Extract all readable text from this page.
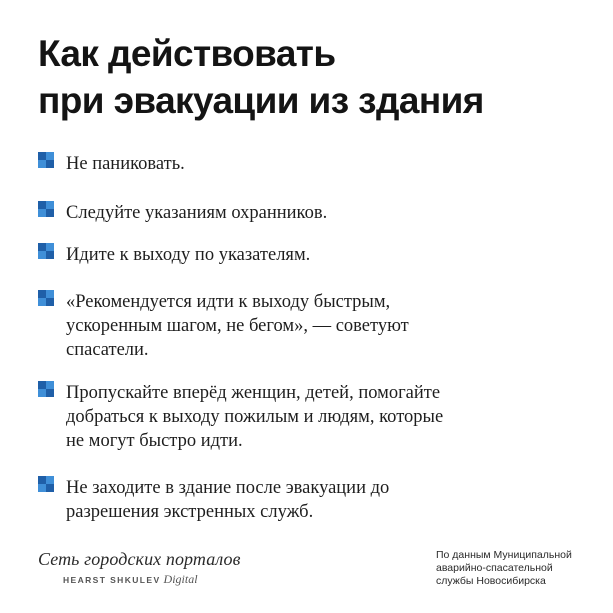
Как действовать
при эвакуации из здания
Не паниковать.
Следуйте указаниям охранников.
Идите к выходу по указателям.
«Рекомендуется идти к выходу быстрым,
ускоренным шагом, не бегом», — советуют
спасатели.
Пропускайте вперёд женщин, детей, помогайте
добраться к выходу пожилым и людям, которые
не могут быстро идти.
Не заходите в здание после эвакуации до
разрешения экстренных служб.
Сеть городских порталов
HEARST SHKULEV Digital
По данным Муниципальной
аварийно-спасательной
службы Новосибирска
